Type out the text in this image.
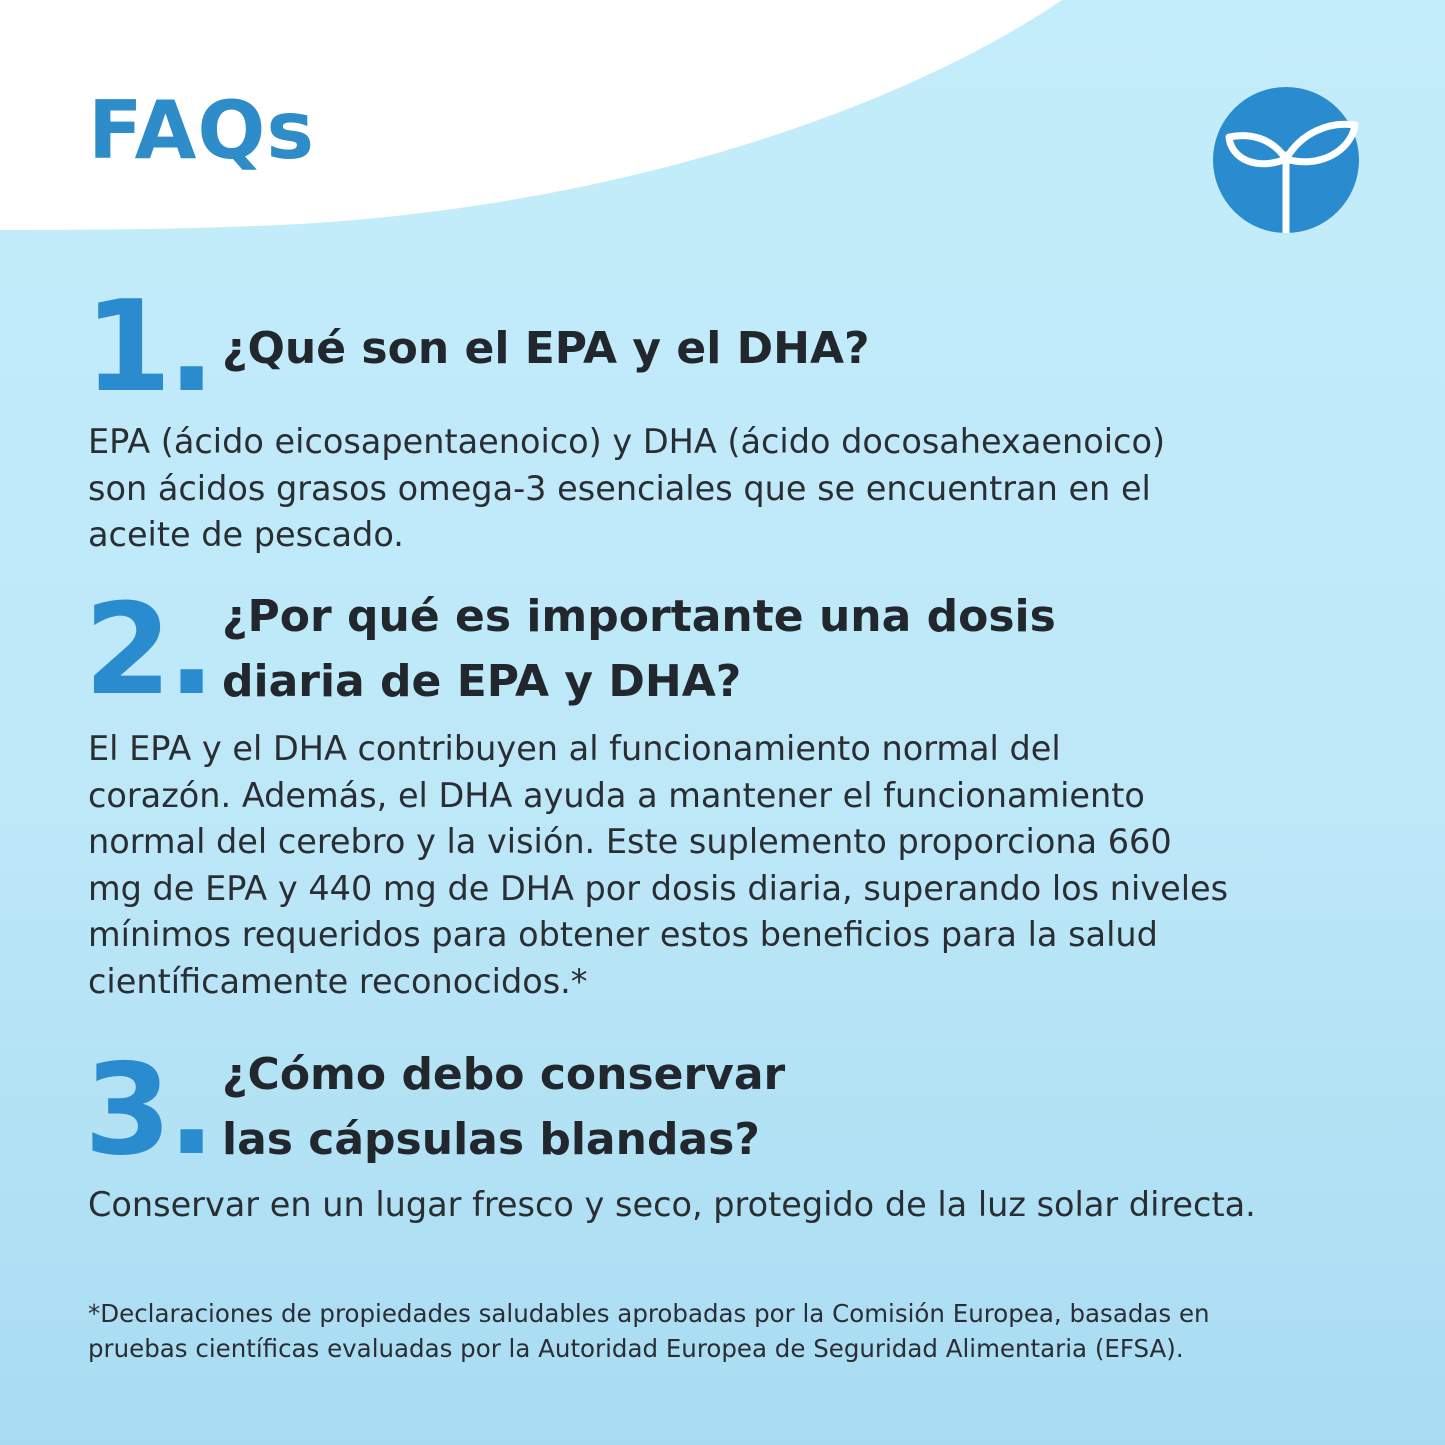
FAQs
1. ¿Qué son el EPA y el DHA?
EPA (ácido eicosapentaenoico) y DHA (ácido docosahexaenoico)
son ácidos grasos omega-3 esenciales que se encuentran en el
aceite de pescado.
2. ¿Por qué es importante una dosis
diaria de EPA y DHA?
El EPA y el DHA contribuyen al funcionamiento normal del
corazón. Además, el DHA ayuda a mantener el funcionamiento
normal del cerebro y la visión. Este suplemento proporciona 660
mg de EPA y 440 mg de DHA por dosis diaria, superando los niveles
mínimos requeridos para obtener estos beneficios para la salud
científicamente reconocidos.*
3. ¿Cómo debo conservar
las cápsulas blandas?
Conservar en un lugar fresco y seco, protegido de la luz solar directa.
*Declaraciones de propiedades saludables aprobadas por la Comisión Europea, basadas en
pruebas científicas evaluadas por la Autoridad Europea de Seguridad Alimentaria (EFSA).
